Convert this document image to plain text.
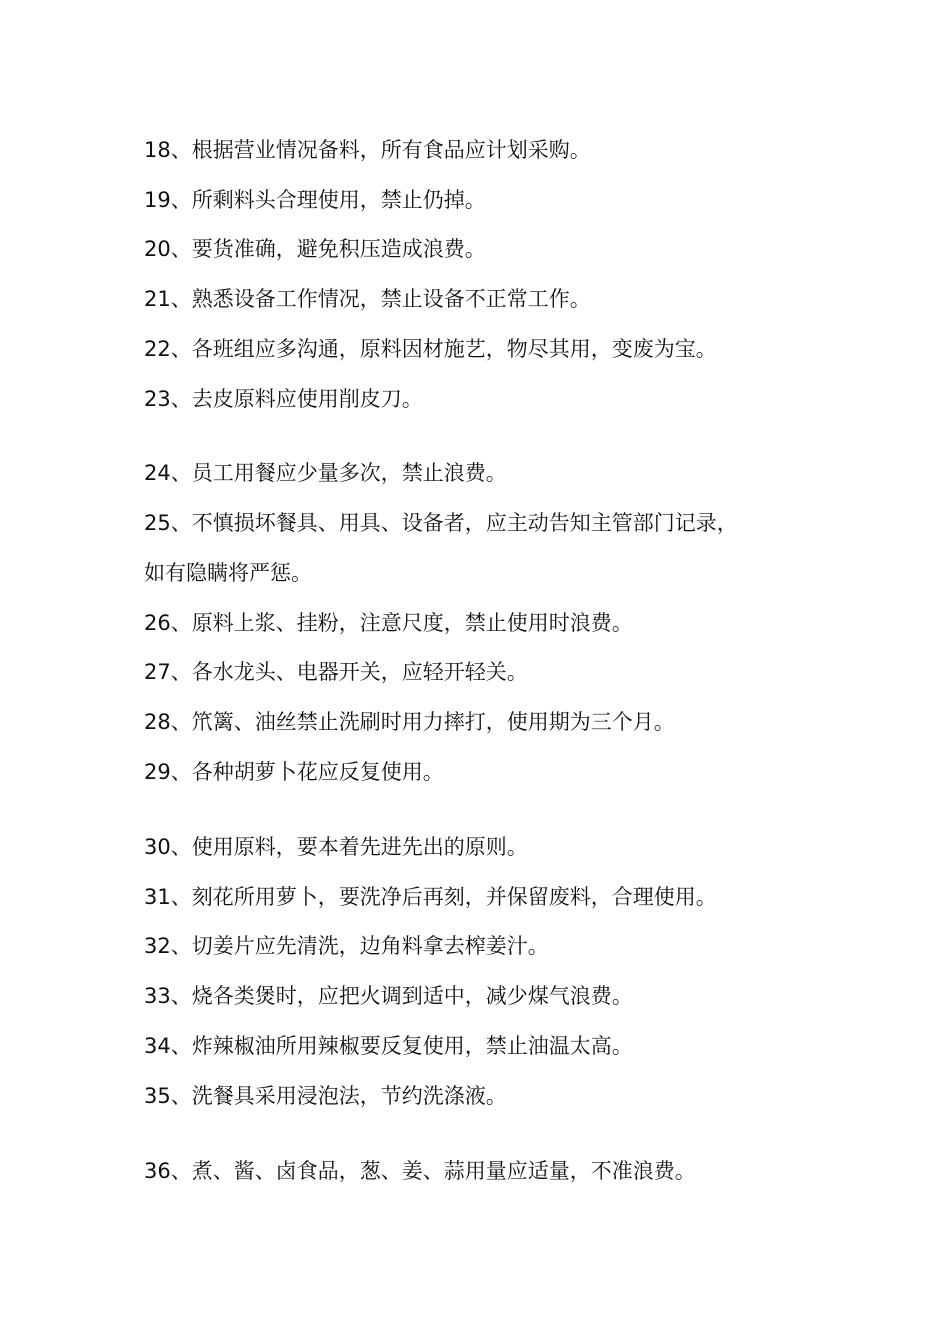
18、根据营业情况备料，所有食品应计划采购。
19、所剩料头合理使用，禁止仍掉。
20、要货准确，避免积压造成浪费。
21、熟悉设备工作情况，禁止设备不正常工作。
22、各班组应多沟通，原料因材施艺，物尽其用，变废为宝。
23、去皮原料应使用削皮刀。
24、员工用餐应少量多次，禁止浪费。
25、不慎损坏餐具、用具、设备者，应主动告知主管部门记录，
如有隐瞒将严惩。
26、原料上浆、挂粉，注意尺度，禁止使用时浪费。
27、各水龙头、电器开关，应轻开轻关。
28、笊篱、油丝禁止洗刷时用力摔打，使用期为三个月。
29、各种胡萝卜花应反复使用。
30、使用原料，要本着先进先出的原则。
31、刻花所用萝卜，要洗净后再刻，并保留废料，合理使用。
32、切姜片应先清洗，边角料拿去榨姜汁。
33、烧各类煲时，应把火调到适中，减少煤气浪费。
34、炸辣椒油所用辣椒要反复使用，禁止油温太高。
35、洗餐具采用浸泡法，节约洗涤液。
36、煮、酱、卤食品，葱、姜、蒜用量应适量，不准浪费。
